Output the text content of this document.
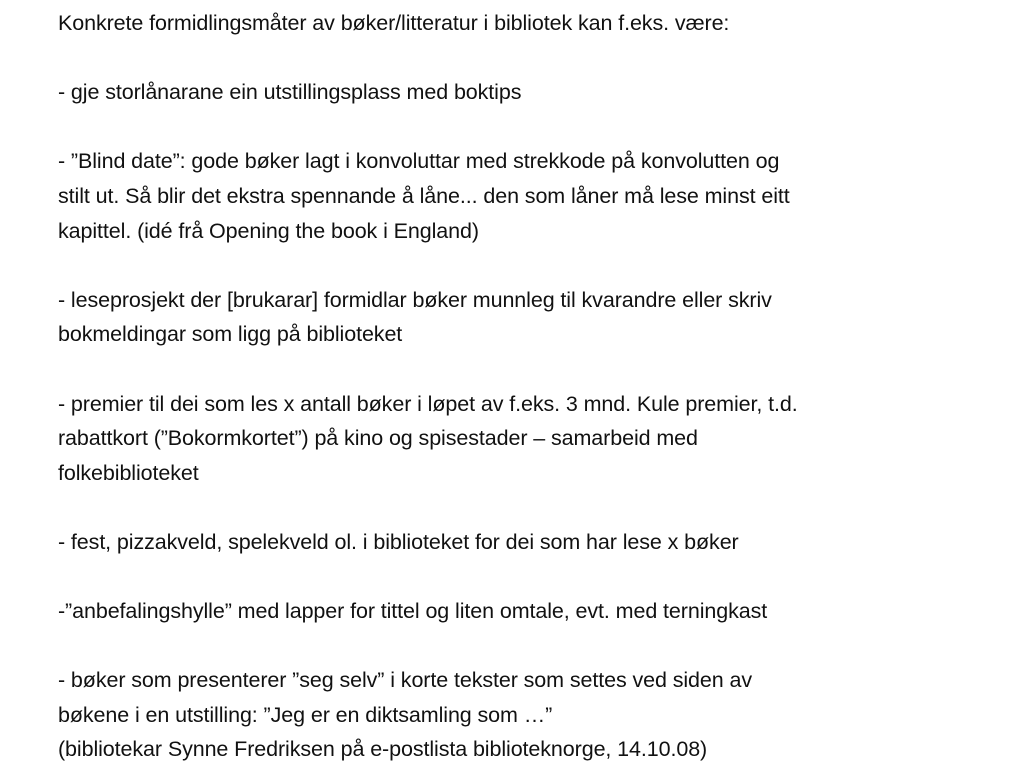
Konkrete formidlingsmåter av bøker/litteratur i bibliotek kan f.eks. være:
- gje storlånarane ein utstillingsplass med boktips
- ”Blind date”: gode bøker lagt i konvoluttar med strekkode på konvolutten og
stilt ut. Så blir det ekstra spennande å låne... den som låner må lese minst eitt
kapittel. (idé frå Opening the book i England)
- leseprosjekt der [brukarar] formidlar bøker munnleg til kvarandre eller skriv
bokmeldingar som ligg på biblioteket
- premier til dei som les x antall bøker i løpet av f.eks. 3 mnd. Kule premier, t.d.
rabattkort (”Bokormkortet”) på kino og spisestader – samarbeid med
folkebiblioteket
- fest, pizzakveld, spelekveld ol. i biblioteket for dei som har lese x bøker
-”anbefalingshylle” med lapper for tittel og liten omtale, evt. med terningkast
- bøker som presenterer ”seg selv” i korte tekster som settes ved siden av
bøkene i en utstilling: ”Jeg er en diktsamling som …”
(bibliotekar Synne Fredriksen på e-postlista biblioteknorge, 14.10.08)
